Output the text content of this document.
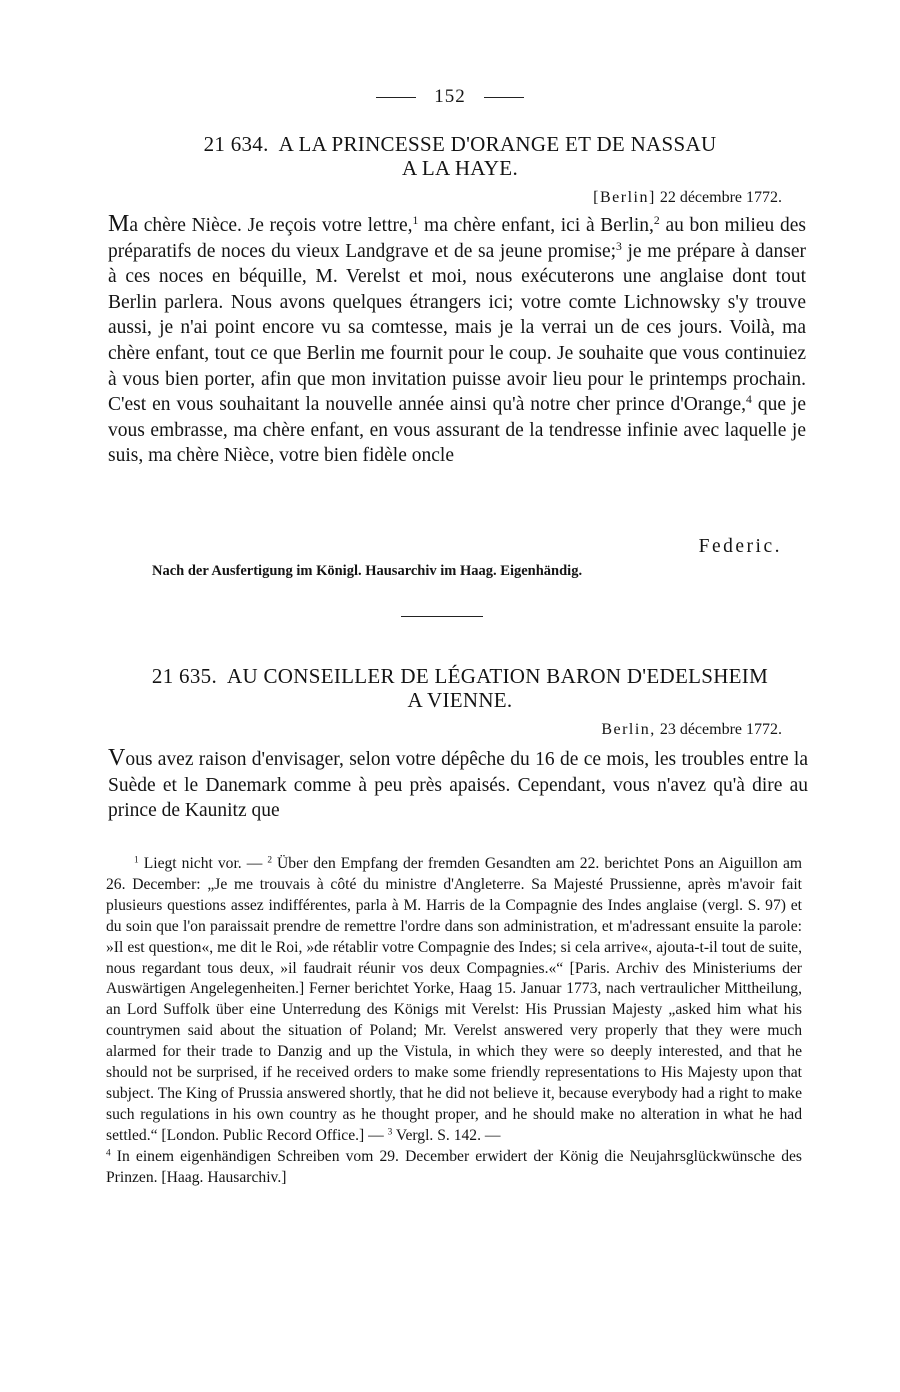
152
21 634. A LA PRINCESSE D'ORANGE ET DE NASSAU
A LA HAYE.
[Berlin] 22 décembre 1772.
Ma chère Nièce. Je reçois votre lettre,$^1$ ma chère enfant, ici à Berlin,$^2$ au bon milieu des préparatifs de noces du vieux Landgrave et de sa jeune promise;$^3$ je me prépare à danser à ces noces en béquille, M. Verelst et moi, nous exécuterons une anglaise dont tout Berlin parlera. Nous avons quelques étrangers ici; votre comte Lichnowsky s'y trouve aussi, je n'ai point encore vu sa comtesse, mais je la verrai un de ces jours. Voilà, ma chère enfant, tout ce que Berlin me fournit pour le coup. Je souhaite que vous continuiez à vous bien porter, afin que mon invitation puisse avoir lieu pour le printemps prochain. C'est en vous souhaitant la nouvelle année ainsi qu'à notre cher prince d'Orange,$^4$ que je vous embrasse, ma chère enfant, en vous assurant de la tendresse infinie avec laquelle je suis, ma chère Nièce, votre bien fidèle oncle
Federic.
Nach der Ausfertigung im Königl. Hausarchiv im Haag. Eigenhändig.
21 635. AU CONSEILLER DE LÉGATION BARON D'EDELSHEIM
A VIENNE.
Berlin, 23 décembre 1772.
Vous avez raison d'envisager, selon votre dépêche du 16 de ce mois, les troubles entre la Suède et le Danemark comme à peu près apaisés. Cependant, vous n'avez qu'à dire au prince de Kaunitz que
$^1$ Liegt nicht vor. — $^2$ Über den Empfang der fremden Gesandten am 22. berichtet Pons an Aiguillon am 26. December: „Je me trouvais à côté du ministre d'Angleterre. Sa Majesté Prussienne, après m'avoir fait plusieurs questions assez indifférentes, parla à M. Harris de la Compagnie des Indes anglaise (vergl. S. 97) et du soin que l'on paraissait prendre de remettre l'ordre dans son administration, et m'adressant ensuite la parole: »Il est question«, me dit le Roi, »de rétablir votre Compagnie des Indes; si cela arrive«, ajouta-t-il tout de suite, nous regardant tous deux, »il faudrait réunir vos deux Compagnies.«“ [Paris. Archiv des Ministeriums der Auswärtigen Angelegenheiten.] Ferner berichtet Yorke, Haag 15. Januar 1773, nach vertraulicher Mittheilung, an Lord Suffolk über eine Unterredung des Königs mit Verelst: His Prussian Majesty „asked him what his countrymen said about the situation of Poland; Mr. Verelst answered very properly that they were much alarmed for their trade to Danzig and up the Vistula, in which they were so deeply interested, and that he should not be surprised, if he received orders to make some friendly representations to His Majesty upon that subject. The King of Prussia answered shortly, that he did not believe it, because everybody had a right to make such regulations in his own country as he thought proper, and he should make no alteration in what he had settled.“ [London. Public Record Office.] — $^3$ Vergl. S. 142. —
$^4$ In einem eigenhändigen Schreiben vom 29. December erwidert der König die Neujahrsglückwünsche des Prinzen. [Haag. Hausarchiv.]
